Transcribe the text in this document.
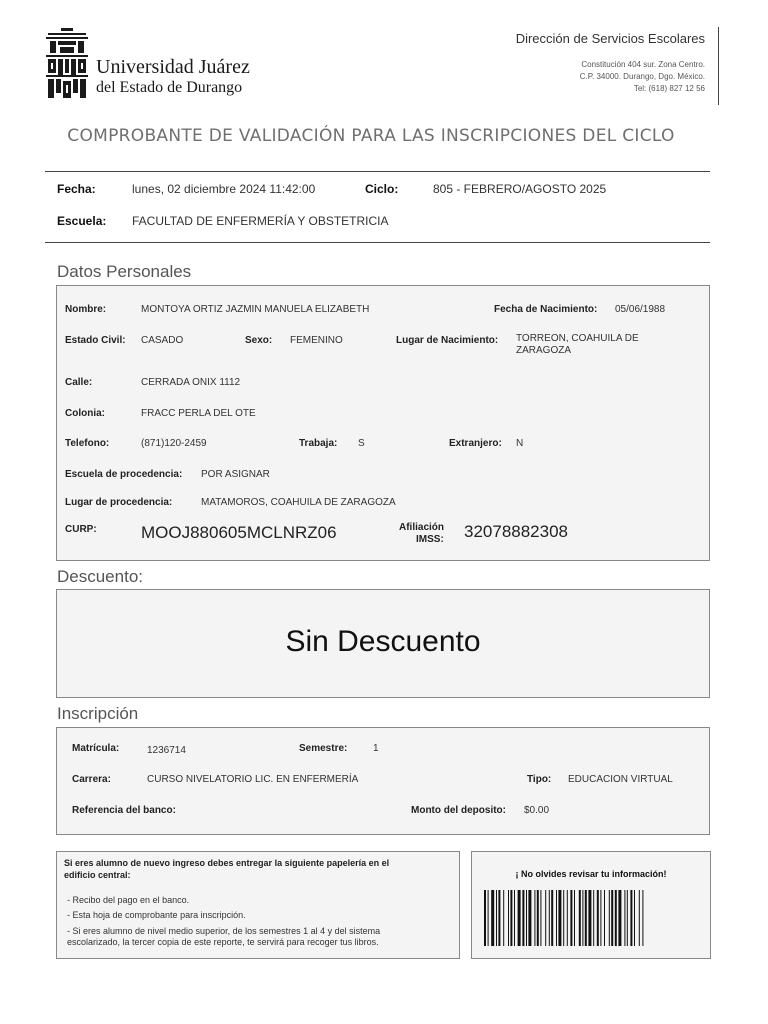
Universidad Juárez
del Estado de Durango
Dirección de Servicios Escolares
Constitución 404 sur. Zona Centro.
C.P. 34000. Durango, Dgo. México.
Tel: (618) 827 12 56
COMPROBANTE DE VALIDACIÓN PARA LAS INSCRIPCIONES DEL CICLO
Fecha:	lunes, 02 diciembre 2024 11:42:00	Ciclo:	805 - FEBRERO/AGOSTO 2025
Escuela: FACULTAD DE ENFERMERÍA Y OBSTETRICIA
Datos Personales
Nombre:	MONTOYA ORTIZ JAZMIN MANUELA ELIZABETH	Fecha de Nacimiento: 05/06/1988
Estado Civil: CASADO	Sexo: FEMENINO	Lugar de Nacimiento: TORREON, COAHUILA DE
ZARAGOZA
Calle:	CERRADA ONIX 1112
Colonia:	FRACC PERLA DEL OTE
Telefono:	(871)120-2459	Trabaja: S	Extranjero: N
Escuela de procedencia: POR ASIGNAR
Lugar de procedencia:	MATAMOROS, COAHUILA DE ZARAGOZA
CURP:	MOOJ880605MCLNRZ06	Afiliación
IMSS: 32078882308
Descuento:
Sin Descuento
Inscripción
Matrícula:	1236714	Semestre:	1
Carrera:	CURSO NIVELATORIO LIC. EN ENFERMERÍA	Tipo: EDUCACION VIRTUAL
Referencia del banco:	Monto del deposito: $0.00
Si eres alumno de nuevo ingreso debes entregar la siguiente papelería en el
edificio central:
- Recibo del pago en el banco.
- Esta hoja de comprobante para inscripción.
- Si eres alumno de nivel medio superior, de los semestres 1 al 4 y del sistema
escolarizado, la tercer copia de este reporte, te servirá para recoger tus libros.
¡ No olvides revisar tu información!
